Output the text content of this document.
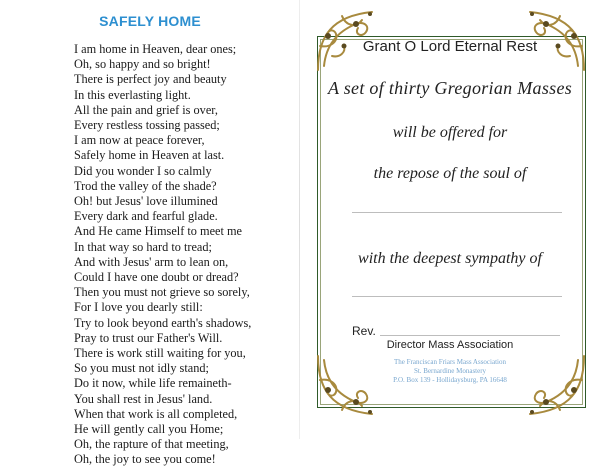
SAFELY HOME
I am home in Heaven, dear ones;
Oh, so happy and so bright!
There is perfect joy and beauty
In this everlasting light.
All the pain and grief is over,
Every restless tossing passed;
I am now at peace forever,
Safely home in Heaven at last.
Did you wonder I so calmly
Trod the valley of the shade?
Oh! but Jesus' love illumined
Every dark and fearful glade.
And He came Himself to meet me
In that way so hard to tread;
And with Jesus' arm to lean on,
Could I have one doubt or dread?
Then you must not grieve so sorely,
For I love you dearly still:
Try to look beyond earth's shadows,
Pray to trust our Father's Will.
There is work still waiting for you,
So you must not idly stand;
Do it now, while life remaineth-
You shall rest in Jesus' land.
When that work is all completed,
He will gently call you Home;
Oh, the rapture of that meeting,
Oh, the joy to see you come!
Grant O Lord Eternal Rest
A set of thirty Gregorian Masses
will be offered for
the repose of the soul of
with the deepest sympathy of
Rev.
Director Mass Association
The Franciscan Friars Mass Association
St. Bernardine Monastery
P.O. Box 139 - Hollidaysburg, PA 16648
